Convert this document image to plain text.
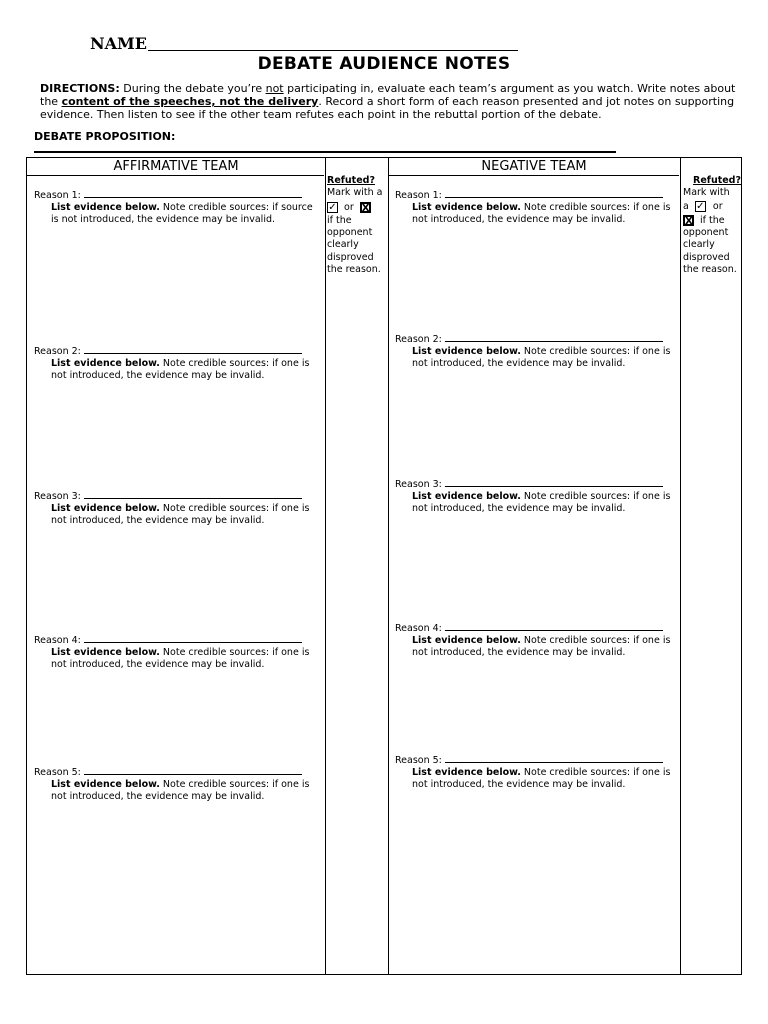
NAME
DEBATE AUDIENCE NOTES
DIRECTIONS: During the debate you’re not participating in, evaluate each team’s argument as you watch. Write notes about the content of the speeches, not the delivery. Record a short form of each reason presented and jot notes on supporting evidence. Then listen to see if the other team refutes each point in the rebuttal portion of the debate.
DEBATE PROPOSITION:
AFFIRMATIVE TEAM	NEGATIVE TEAM
Refuted?
Mark with a
✓ or X
if the opponent clearly disproved the reason.
Refuted?
Mark with
a ✓ or
X if the
opponent clearly disproved the reason.
Reason 1:
List evidence below. Note credible sources: if source is not introduced, the evidence may be invalid.
Reason 2:
List evidence below. Note credible sources: if one is not introduced, the evidence may be invalid.
Reason 3:
List evidence below. Note credible sources: if one is not introduced, the evidence may be invalid.
Reason 4:
List evidence below. Note credible sources: if one is not introduced, the evidence may be invalid.
Reason 5:
List evidence below. Note credible sources: if one is not introduced, the evidence may be invalid.
Reason 1:
List evidence below. Note credible sources: if one is not introduced, the evidence may be invalid.
Reason 2:
List evidence below. Note credible sources: if one is not introduced, the evidence may be invalid.
Reason 3:
List evidence below. Note credible sources: if one is not introduced, the evidence may be invalid.
Reason 4:
List evidence below. Note credible sources: if one is not introduced, the evidence may be invalid.
Reason 5:
List evidence below. Note credible sources: if one is not introduced, the evidence may be invalid.
